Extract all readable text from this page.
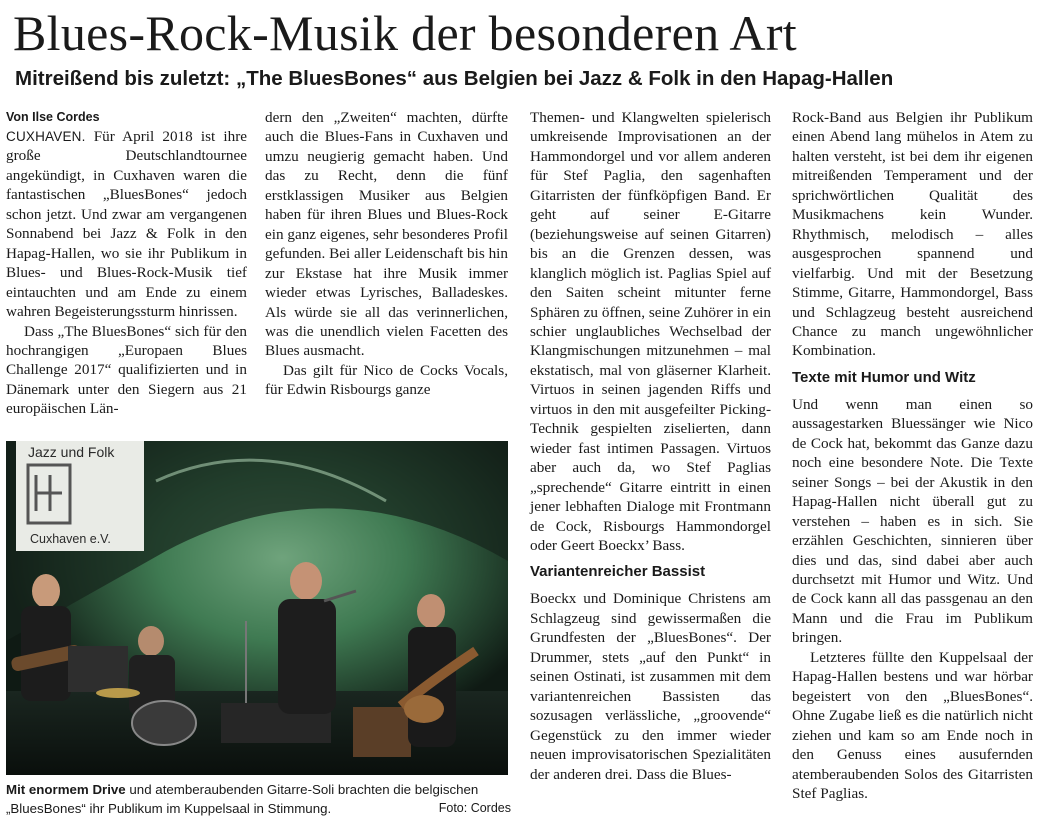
Blues-Rock-Musik der besonderen Art
Mitreißend bis zuletzt: „The BluesBones“ aus Belgien bei Jazz & Folk in den Hapag-Hallen
Von Ilse Cordes

CUXHAVEN. Für April 2018 ist ihre große Deutschlandtournee angekündigt, in Cuxhaven waren die fantastischen „BluesBones“ jedoch schon jetzt. Und zwar am vergangenen Sonnabend bei Jazz & Folk in den Hapag-Hallen, wo sie ihr Publikum in Blues- und Blues-Rock-Musik tief eintauchten und am Ende zu einem wahren Begeisterungssturm hinrissen.

Dass „The BluesBones“ sich für den hochrangigen „Europaen Blues Challenge 2017“ qualifizierten und in Dänemark unter den Siegern aus 21 europäischen Län-

dern den „Zweiten“ machten, dürfte auch die Blues-Fans in Cuxhaven und umzu neugierig gemacht haben. Und das zu Recht, denn die fünf erstklassigen Musiker aus Belgien haben für ihren Blues und Blues-Rock ein ganz eigenes, sehr besonderes Profil gefunden. Bei aller Leidenschaft bis hin zur Ekstase hat ihre Musik immer wieder etwas Lyrisches, Balladeskes. Als würde sie all das verinnerlichen, was die unendlich vielen Facetten des Blues ausmacht.

Das gilt für Nico de Cocks Vocals, für Edwin Risbourgs ganze

Themen- und Klangwelten spielerisch umkreisende Improvisationen an der Hammondorgel und vor allem anderen für Stef Paglia, den sagenhaften Gitarristen der fünfköpfigen Band. Er geht auf seiner E-Gitarre (beziehungsweise auf seinen Gitarren) bis an die Grenzen dessen, was klanglich möglich ist. Paglias Spiel auf den Saiten scheint mitunter ferne Sphären zu öffnen, seine Zuhörer in ein schier unglaubliches Wechselbad der Klangmischungen mitzunehmen – mal ekstatisch, mal von gläserner Klarheit. Virtuos in seinen jagenden Riffs und virtuos in den mit ausgefeilter Picking-Technik gespielten ziselierten, dann wieder fast intimen Passagen. Virtuos aber auch da, wo Stef Paglias „sprechende“ Gitarre eintritt in einen jener lebhaften Dialoge mit Frontmann de Cock, Risbourgs Hammondorgel oder Geert Boeckx’ Bass.

Variantenreicher Bassist

Boeckx und Dominique Christens am Schlagzeug sind gewissermaßen die Grundfesten der „BluesBones“. Der Drummer, stets „auf den Punkt“ in seinen Ostinati, ist zusammen mit dem variantenreichen Bassisten das sozusagen verlässliche, „groovende“ Gegenstück zu den immer wieder neuen improvisatorischen Spezialitäten der anderen drei. Dass die Blues-

Rock-Band aus Belgien ihr Publikum einen Abend lang mühelos in Atem zu halten versteht, ist bei dem ihr eigenen mitreißenden Temperament und der sprichwörtlichen Qualität des Musikmachens kein Wunder. Rhythmisch, melodisch – alles ausgesprochen spannend und vielfarbig. Und mit der Besetzung Stimme, Gitarre, Hammondorgel, Bass und Schlagzeug besteht ausreichend Chance zu manch ungewöhnlicher Kombination.

Texte mit Humor und Witz

Und wenn man einen so aussagestarken Bluessänger wie Nico de Cock hat, bekommt das Ganze dazu noch eine besondere Note. Die Texte seiner Songs – bei der Akustik in den Hapag-Hallen nicht überall gut zu verstehen – haben es in sich. Sie erzählen Geschichten, sinnieren über dies und das, sind dabei aber auch durchsetzt mit Humor und Witz. Und de Cock kann all das passgenau an den Mann und die Frau im Publikum bringen.

Letzteres füllte den Kuppelsaal der Hapag-Hallen bestens und war hörbar begeistert von den „BluesBones“. Ohne Zugabe ließ es die natürlich nicht ziehen und kam so am Ende noch in den Genuss eines ausufernden atemberaubenden Solos des Gitarristen Stef Paglias.

Jazz und Folk
Cuxhaven e.V.
Mit enormem Drive und atemberaubenden Gitarre-Soli brachten die belgischen „BluesBones“ ihr Publikum im Kuppelsaal in Stimmung.	Foto: Cordes
